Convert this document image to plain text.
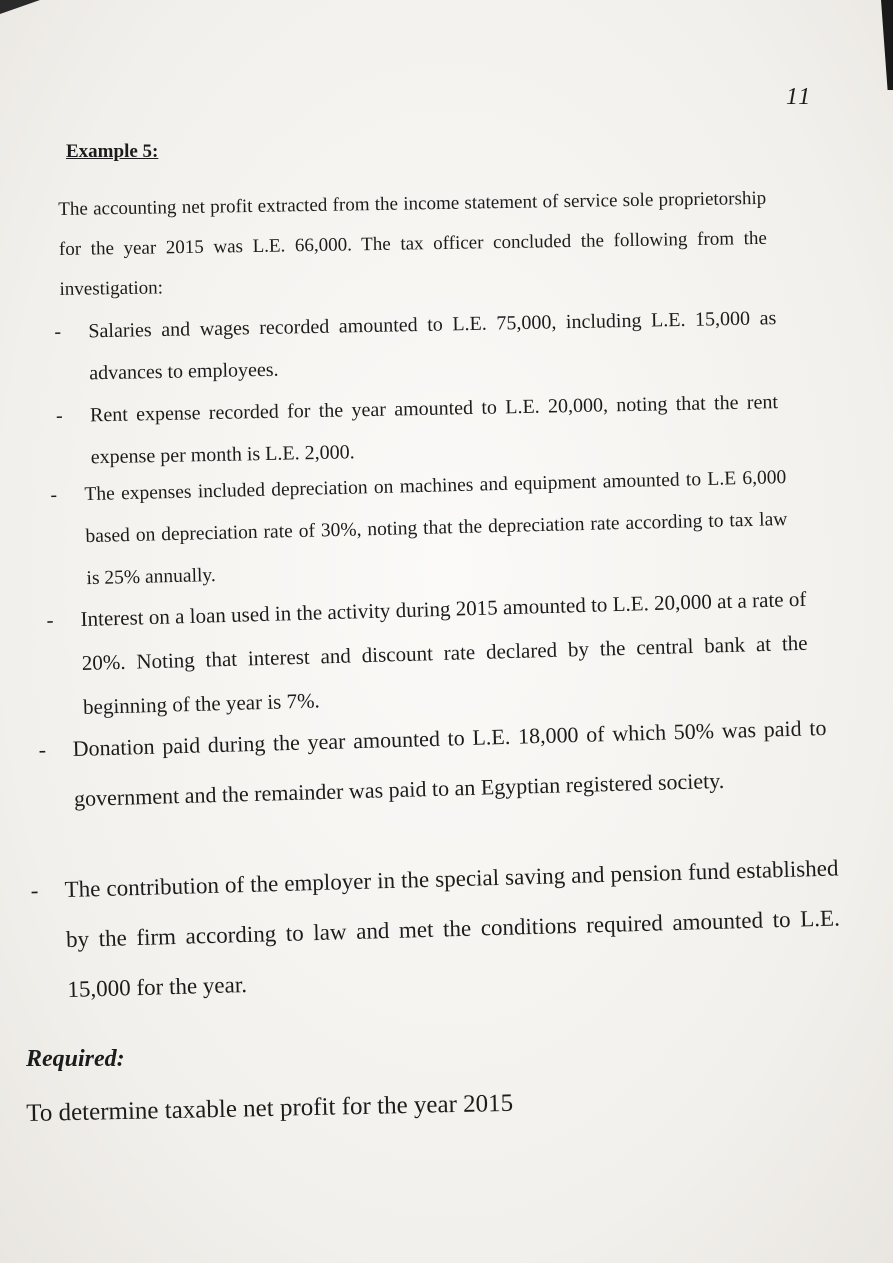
11
Example 5:
The accounting net profit extracted from the income statement of service sole proprietorship for the year 2015 was L.E. 66,000. The tax officer concluded the following from the investigation:
- Salaries and wages recorded amounted to L.E. 75,000, including L.E. 15,000 as advances to employees.
- Rent expense recorded for the year amounted to L.E. 20,000, noting that the rent expense per month is L.E. 2,000.
- The expenses included depreciation on machines and equipment amounted to L.E 6,000 based on depreciation rate of 30%, noting that the depreciation rate according to tax law is 25% annually.
- Interest on a loan used in the activity during 2015 amounted to L.E. 20,000 at a rate of 20%. Noting that interest and discount rate declared by the central bank at the beginning of the year is 7%.
- Donation paid during the year amounted to L.E. 18,000 of which 50% was paid to government and the remainder was paid to an Egyptian registered society.
- The contribution of the employer in the special saving and pension fund established by the firm according to law and met the conditions required amounted to L.E. 15,000 for the year.
Required:
To determine taxable net profit for the year 2015
